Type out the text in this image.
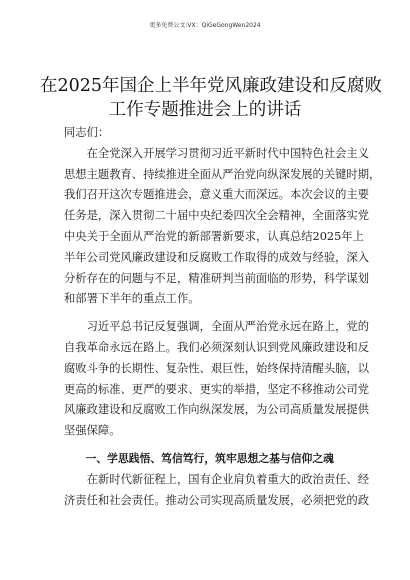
更多免费公文:VX：QiGeGongWen2024
在2025年国企上半年党风廉政建设和反腐败
工作专题推进会上的讲话

同志们：

在全党深入开展学习贯彻习近平新时代中国特色社会主义
思想主题教育、持续推进全面从严治党向纵深发展的关键时期，
我们召开这次专题推进会，意义重大而深远。本次会议的主要
任务是，深入贯彻二十届中央纪委四次全会精神，全面落实党
中央关于全面从严治党的新部署新要求，认真总结2025年上
半年公司党风廉政建设和反腐败工作取得的成效与经验，深入
分析存在的问题与不足，精准研判当前面临的形势，科学谋划
和部署下半年的重点工作。

习近平总书记反复强调，全面从严治党永远在路上，党的
自我革命永远在路上。我们必须深刻认识到党风廉政建设和反
腐败斗争的长期性、复杂性、艰巨性，始终保持清醒头脑，以
更高的标准、更严的要求、更实的举措，坚定不移推动公司党
风廉政建设和反腐败工作向纵深发展，为公司高质量发展提供
坚强保障。

一、学思践悟、笃信笃行，筑牢思想之基与信仰之魂

在新时代新征程上，国有企业肩负着重大的政治责任、经
济责任和社会责任。推动公司实现高质量发展，必须把党的政
